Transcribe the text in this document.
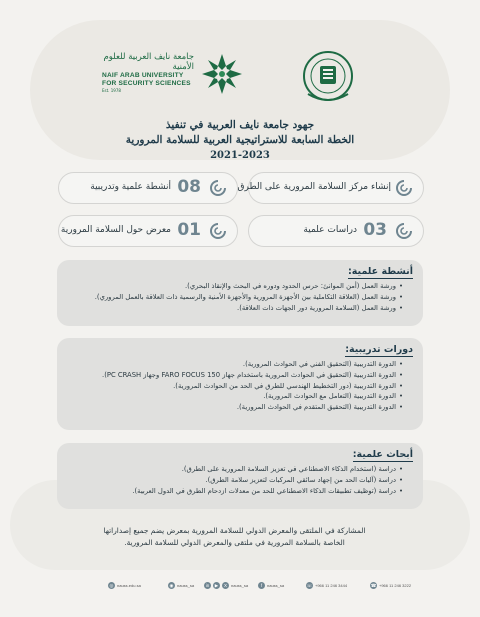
جامعة نايف العربية للعلوم الأمنية
NAIF ARAB UNIVERSITY
FOR SECURITY SCIENCES
Est. 1978
جهود جامعة نايف العربية في تنفيذ
الخطة السابعة للاستراتيجية العربية للسلامة المرورية
2021-2023
إنشاء مركز السلامة المرورية على الطرق
08
أنشطة علمية وتدريبية
03
دراسات علمية
01
معرض حول السلامة المرورية
أنشطة علمية:
• ورشة العمل (أمن الموانئ: حرس الحدود ودوره في البحث والإنقاذ البحري).
• ورشة العمل (العلاقة التكاملية بين الأجهزة المرورية والأجهزة الأمنية والرسمية ذات العلاقة بالعمل المروري).
• ورشة العمل (السلامة المرورية دور الجهات ذات العلاقة).
دورات تدريبية:
• الدورة التدريبية (التحقيق الفني في الحوادث المرورية).
• الدورة التدريبية (التحقيق في الحوادث المرورية باستخدام جهاز 150 FARO FOCUS وجهاز PC CRASH).
• الدورة التدريبية (دور التخطيط الهندسي للطرق في الحد من الحوادث المرورية).
• الدورة التدريبية (التعامل مع الحوادث المرورية).
• الدورة التدريبية (التحقيق المتقدم في الحوادث المرورية).
أبحاث علمية:
• دراسة (استخدام الذكاء الاصطناعي في تعزيز السلامة المرورية على الطرق).
• دراسة (آليات الحد من إجهاد سائقي المركبات لتعزيز سلامة الطرق).
• دراسة (توظيف تطبيقات الذكاء الاصطناعي للحد من معدلات ازدحام الطرق في الدول العربية).
المشاركة في الملتقى والمعرض الدولي للسلامة المرورية بمعرض يضم جميع إصداراتها
الخاصة بالسلامة المرورية في ملتقى والمعرض الدولي للسلامة المرورية.
◎ nauss.edu.sa	◉ nauss_sa	in	▶	X	nauss_sa	f	nauss_sa	☏ +966 11 246 3444	☎ +966 11 246 3222
